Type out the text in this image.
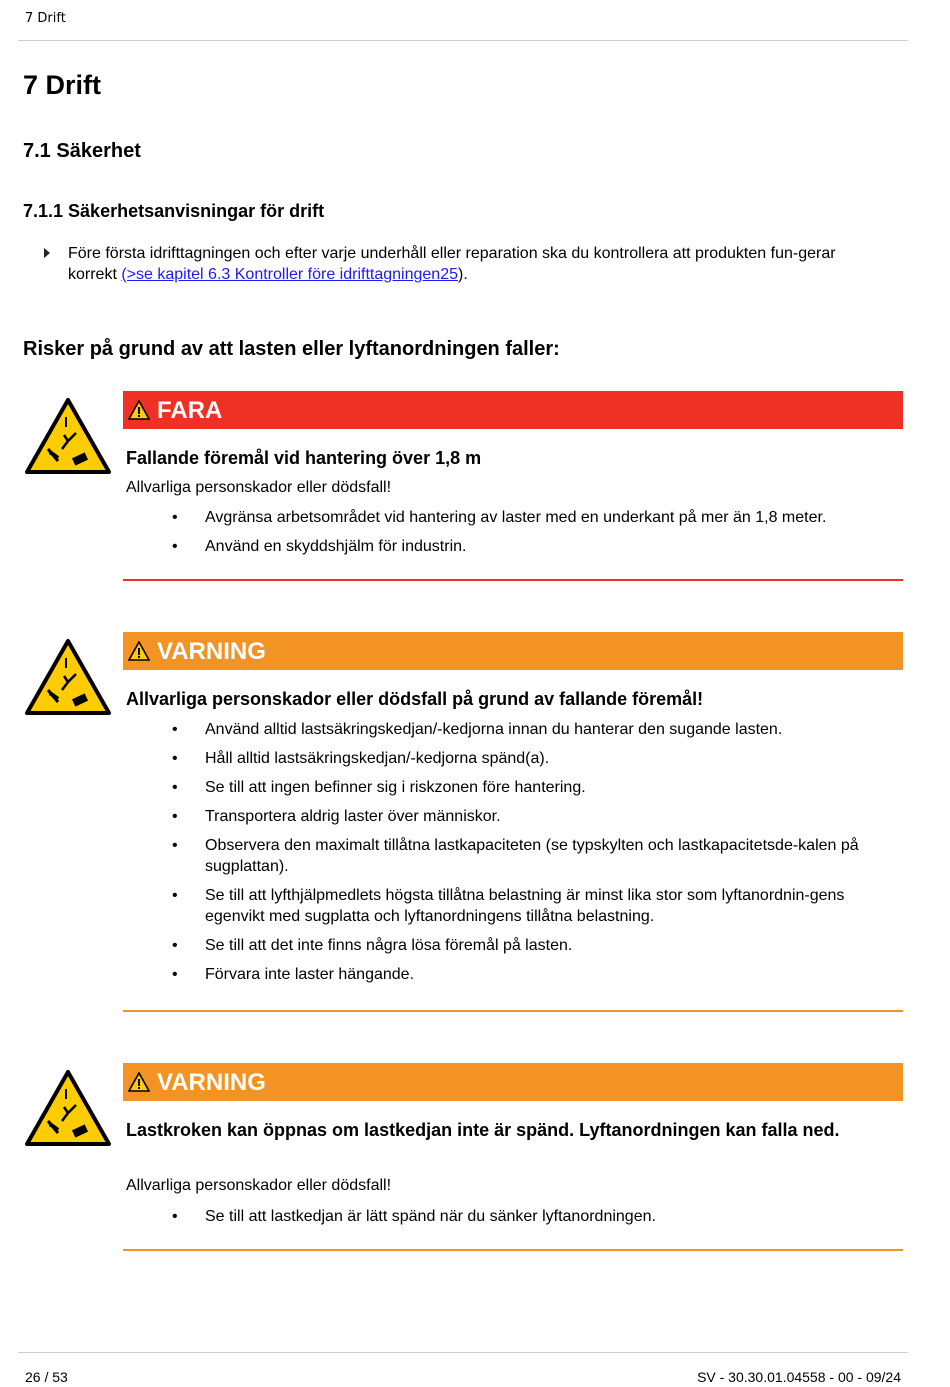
7 Drift
7 Drift
7.1 Säkerhet
7.1.1 Säkerhetsanvisningar för drift
Före första idrifttagningen och efter varje underhåll eller reparation ska du kontrollera att produkten fun-gerar korrekt (>se kapitel 6.3 Kontroller före idrifttagningen25).
Risker på grund av att lasten eller lyftanordningen faller:
FARA
Fallande föremål vid hantering över 1,8 m
Allvarliga personskador eller dödsfall!
• Avgränsa arbetsområdet vid hantering av laster med en underkant på mer än 1,8 meter.
• Använd en skyddshjälm för industrin.
VARNING
Allvarliga personskador eller dödsfall på grund av fallande föremål!
• Använd alltid lastsäkringskedjan/-kedjorna innan du hanterar den sugande lasten.
• Håll alltid lastsäkringskedjan/-kedjorna spänd(a).
• Se till att ingen befinner sig i riskzonen före hantering.
• Transportera aldrig laster över människor.
• Observera den maximalt tillåtna lastkapaciteten (se typskylten och lastkapacitetsde-kalen på sugplattan).
• Se till att lyfthjälpmedlets högsta tillåtna belastning är minst lika stor som lyftanordnin-gens egenvikt med sugplatta och lyftanordningens tillåtna belastning.
• Se till att det inte finns några lösa föremål på lasten.
• Förvara inte laster hängande.
VARNING
Lastkroken kan öppnas om lastkedjan inte är spänd. Lyftanordningen kan falla ned.
Allvarliga personskador eller dödsfall!
• Se till att lastkedjan är lätt spänd när du sänker lyftanordningen.
26 / 53	SV - 30.30.01.04558 - 00 - 09/24
